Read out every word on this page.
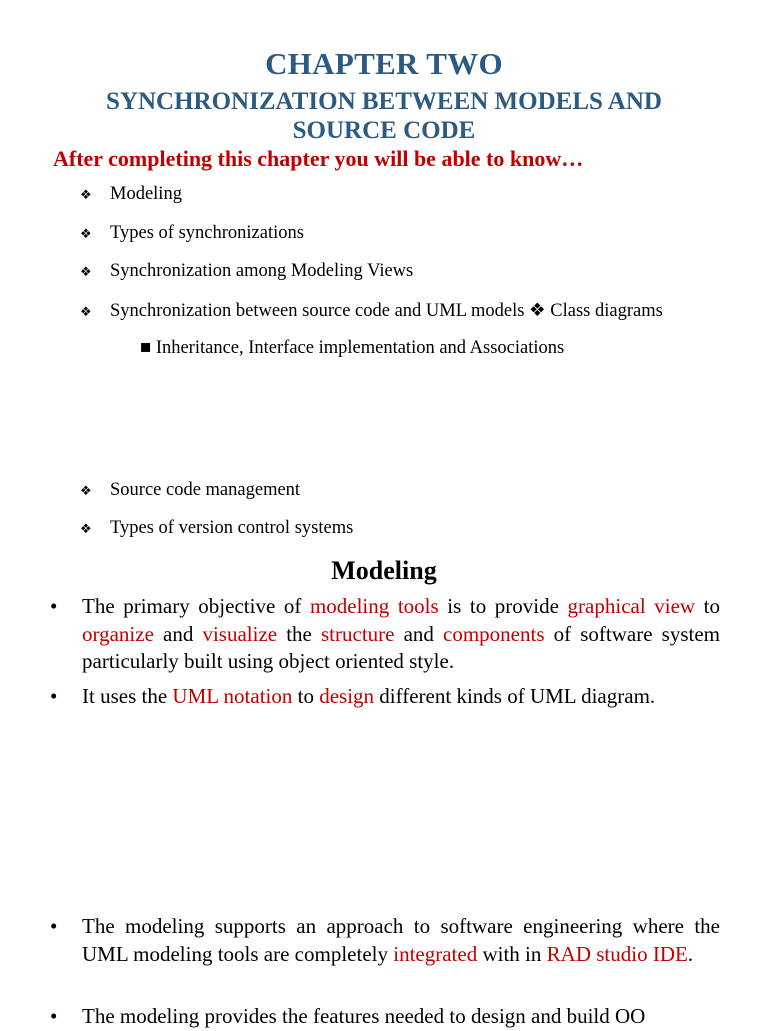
CHAPTER TWO
SYNCHRONIZATION BETWEEN MODELS AND SOURCE CODE
After completing this chapter you will be able to know…
❖ Modeling
❖ Types of synchronizations
❖ Synchronization among Modeling Views
❖ Synchronization between source code and UML models ❖ Class diagrams
■ Inheritance, Interface implementation and Associations
❖ Source code management
❖ Types of version control systems
Modeling
• The primary objective of modeling tools is to provide graphical view to organize and visualize the structure and components of software system particularly built using object oriented style.
• It uses the UML notation to design different kinds of UML diagram.
• The modeling supports an approach to software engineering where the UML modeling tools are completely integrated with in RAD studio IDE.
• The modeling provides the features needed to design and build OO
